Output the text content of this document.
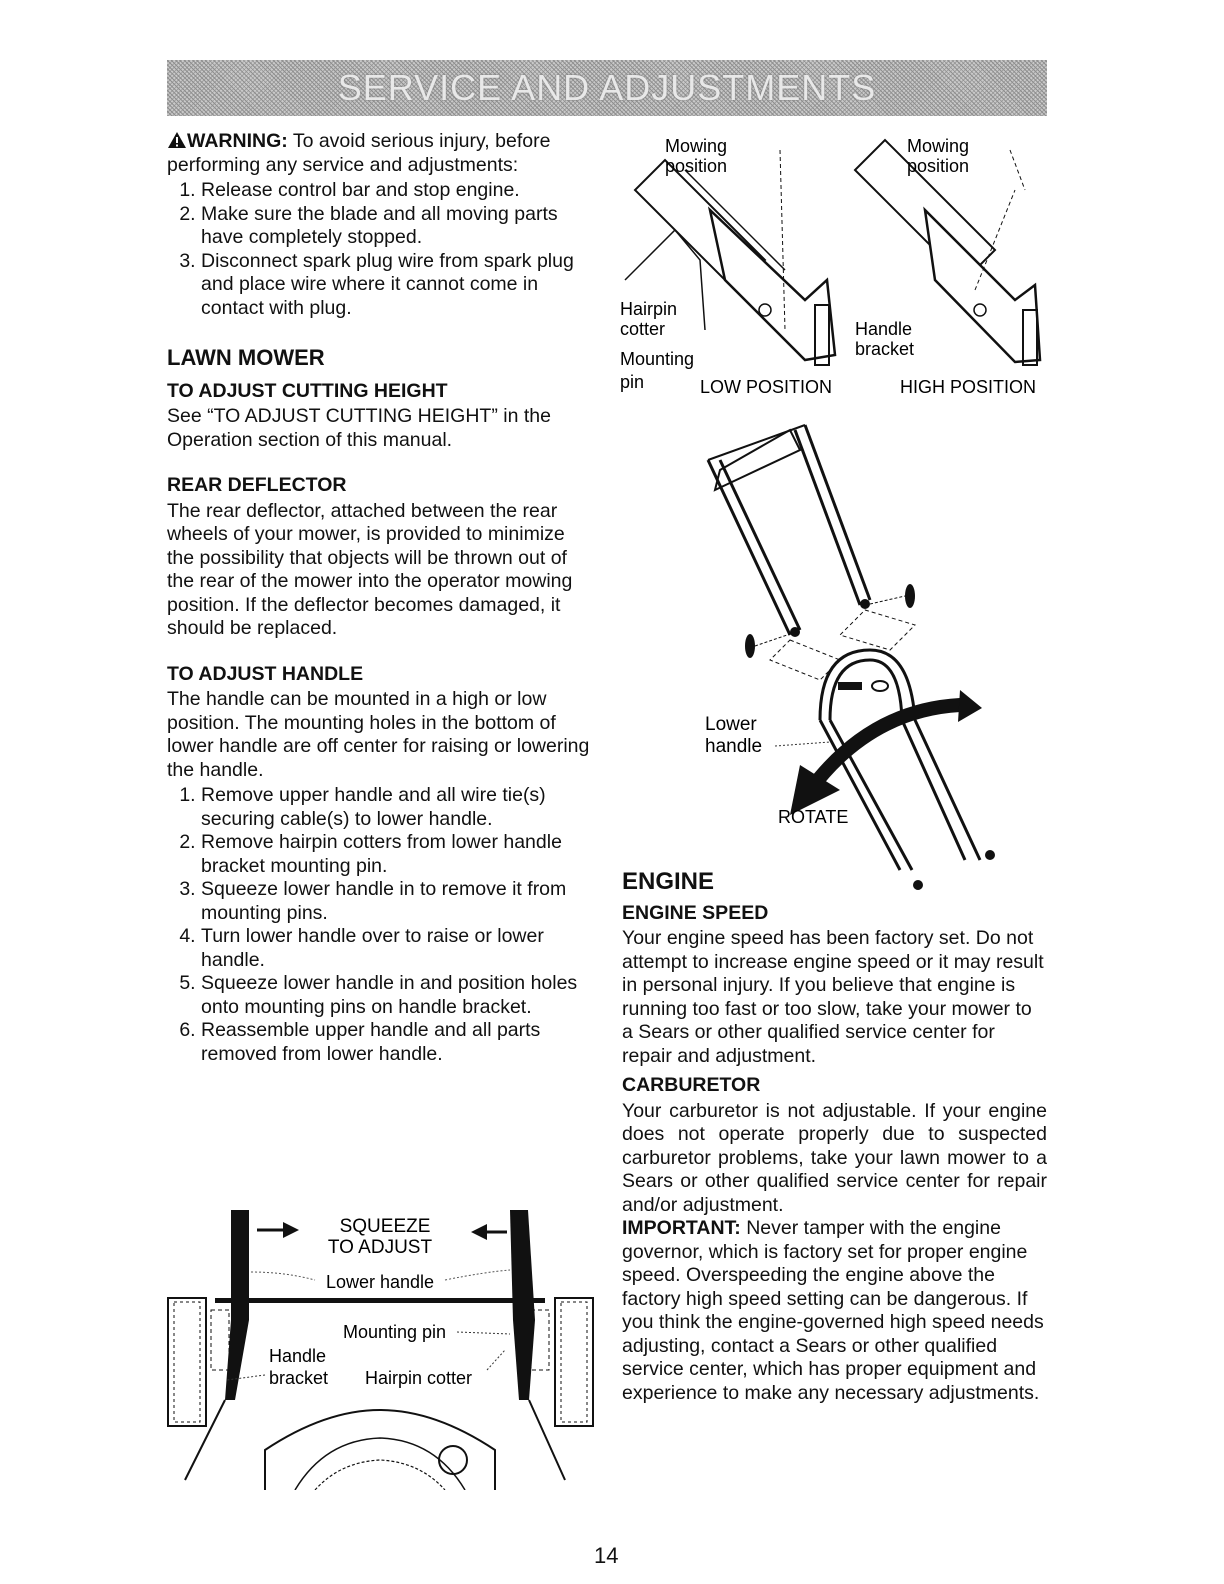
SERVICE AND ADJUSTMENTS

WARNING: To avoid serious injury, before performing any service and adjustments:

1. Release control bar and stop engine.
2. Make sure the blade and all moving parts have completely stopped.
3. Disconnect spark plug wire from spark plug and place wire where it cannot come in contact with plug.
LAWN MOWER
TO ADJUST CUTTING HEIGHT

See “TO ADJUST CUTTING HEIGHT” in the Operation section of this manual.

REAR DEFLECTOR

The rear deflector, attached between the rear wheels of your mower, is provided to minimize the possibility that objects will be thrown out of the rear of the mower into the operator mowing position. If the deflector becomes damaged, it should be replaced.

TO ADJUST HANDLE

The handle can be mounted in a high or low position. The mounting holes in the bottom of lower handle are off center for raising or lowering the handle.

1. Remove upper handle and all wire tie(s) securing cable(s) to lower handle.
2. Remove hairpin cotters from lower handle bracket mounting pin.
3. Squeeze lower handle in to remove it from mounting pins.
4. Turn lower handle over to raise or lower handle.
5. Squeeze lower handle in and position holes onto mounting pins on handle bracket.
6. Reassemble upper handle and all parts removed from lower handle.
SQUEEZE
TO ADJUST
Lower handle
Mounting pin
Handle
bracket Hairpin cotter
Mowing
position
Mowing
position
Hairpin
cotter
Mounting
pin
Handle
bracket
LOW POSITION	HIGH POSITION
Lower
handle
ROTATE
ENGINE
ENGINE SPEED

Your engine speed has been factory set. Do not attempt to increase engine speed or it may result in personal injury. If you believe that engine is running too fast or too slow, take your mower to a Sears or other qualified service center for repair and adjustment.

CARBURETOR

Your carburetor is not adjustable. If your engine does not operate properly due to suspected carburetor problems, take your lawn mower to a Sears or other qualified service center for repair and/or adjustment.

IMPORTANT: Never tamper with the engine governor, which is factory set for proper engine speed. Overspeeding the engine above the factory high speed setting can be dangerous. If you think the engine-governed high speed needs adjusting, contact a Sears or other qualified service center, which has proper equipment and experience to make any necessary adjustments.

14
